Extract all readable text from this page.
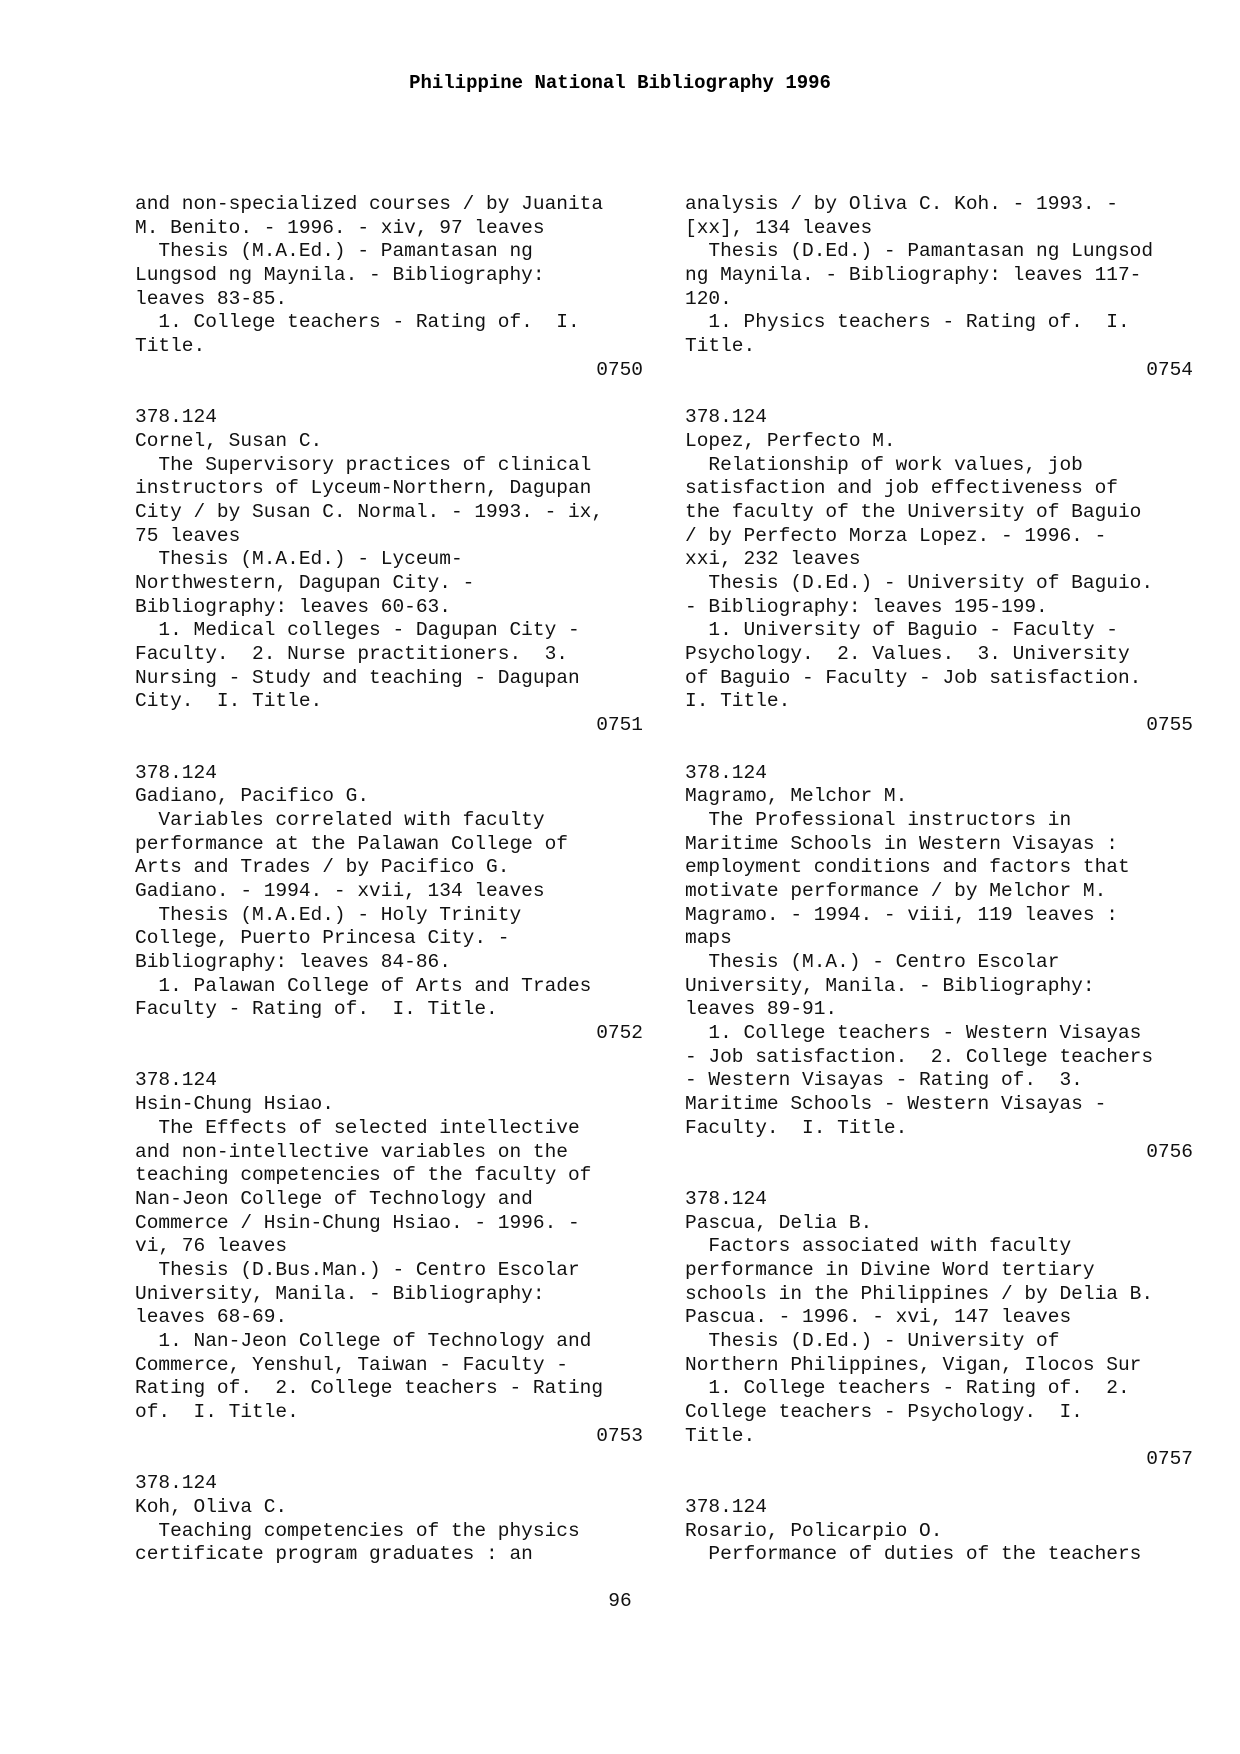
Philippine National Bibliography 1996
and non-specialized courses / by Juanita
M. Benito. - 1996. - xiv, 97 leaves
Thesis (M.A.Ed.) - Pamantasan ng
Lungsod ng Maynila. - Bibliography:
leaves 83-85.
1. College teachers - Rating of.  I.
Title.
0750
378.124
Cornel, Susan C.
The Supervisory practices of clinical
instructors of Lyceum-Northern, Dagupan
City / by Susan C. Normal. - 1993. - ix,
75 leaves
Thesis (M.A.Ed.) - Lyceum-
Northwestern, Dagupan City. -
Bibliography: leaves 60-63.
1. Medical colleges - Dagupan City -
Faculty.  2. Nurse practitioners.  3.
Nursing - Study and teaching - Dagupan
City.  I. Title.
0751
378.124
Gadiano, Pacifico G.
Variables correlated with faculty
performance at the Palawan College of
Arts and Trades / by Pacifico G.
Gadiano. - 1994. - xvii, 134 leaves
Thesis (M.A.Ed.) - Holy Trinity
College, Puerto Princesa City. -
Bibliography: leaves 84-86.
1. Palawan College of Arts and Trades
Faculty - Rating of.  I. Title.
0752
378.124
Hsin-Chung Hsiao.
The Effects of selected intellective
and non-intellective variables on the
teaching competencies of the faculty of
Nan-Jeon College of Technology and
Commerce / Hsin-Chung Hsiao. - 1996. -
vi, 76 leaves
Thesis (D.Bus.Man.) - Centro Escolar
University, Manila. - Bibliography:
leaves 68-69.
1. Nan-Jeon College of Technology and
Commerce, Yenshul, Taiwan - Faculty -
Rating of.  2. College teachers - Rating
of.  I. Title.
0753
378.124
Koh, Oliva C.
Teaching competencies of the physics
certificate program graduates : an
analysis / by Oliva C. Koh. - 1993. -
[xx], 134 leaves
Thesis (D.Ed.) - Pamantasan ng Lungsod
ng Maynila. - Bibliography: leaves 117-
120.
1. Physics teachers - Rating of.  I.
Title.
0754
378.124
Lopez, Perfecto M.
Relationship of work values, job
satisfaction and job effectiveness of
the faculty of the University of Baguio
/ by Perfecto Morza Lopez. - 1996. -
xxi, 232 leaves
Thesis (D.Ed.) - University of Baguio.
- Bibliography: leaves 195-199.
1. University of Baguio - Faculty -
Psychology.  2. Values.  3. University
of Baguio - Faculty - Job satisfaction.
I. Title.
0755
378.124
Magramo, Melchor M.
The Professional instructors in
Maritime Schools in Western Visayas :
employment conditions and factors that
motivate performance / by Melchor M.
Magramo. - 1994. - viii, 119 leaves :
maps
Thesis (M.A.) - Centro Escolar
University, Manila. - Bibliography:
leaves 89-91.
1. College teachers - Western Visayas
- Job satisfaction.  2. College teachers
- Western Visayas - Rating of.  3.
Maritime Schools - Western Visayas -
Faculty.  I. Title.
0756
378.124
Pascua, Delia B.
Factors associated with faculty
performance in Divine Word tertiary
schools in the Philippines / by Delia B.
Pascua. - 1996. - xvi, 147 leaves
Thesis (D.Ed.) - University of
Northern Philippines, Vigan, Ilocos Sur
1. College teachers - Rating of.  2.
College teachers - Psychology.  I.
Title.
0757
378.124
Rosario, Policarpio O.
Performance of duties of the teachers
96
